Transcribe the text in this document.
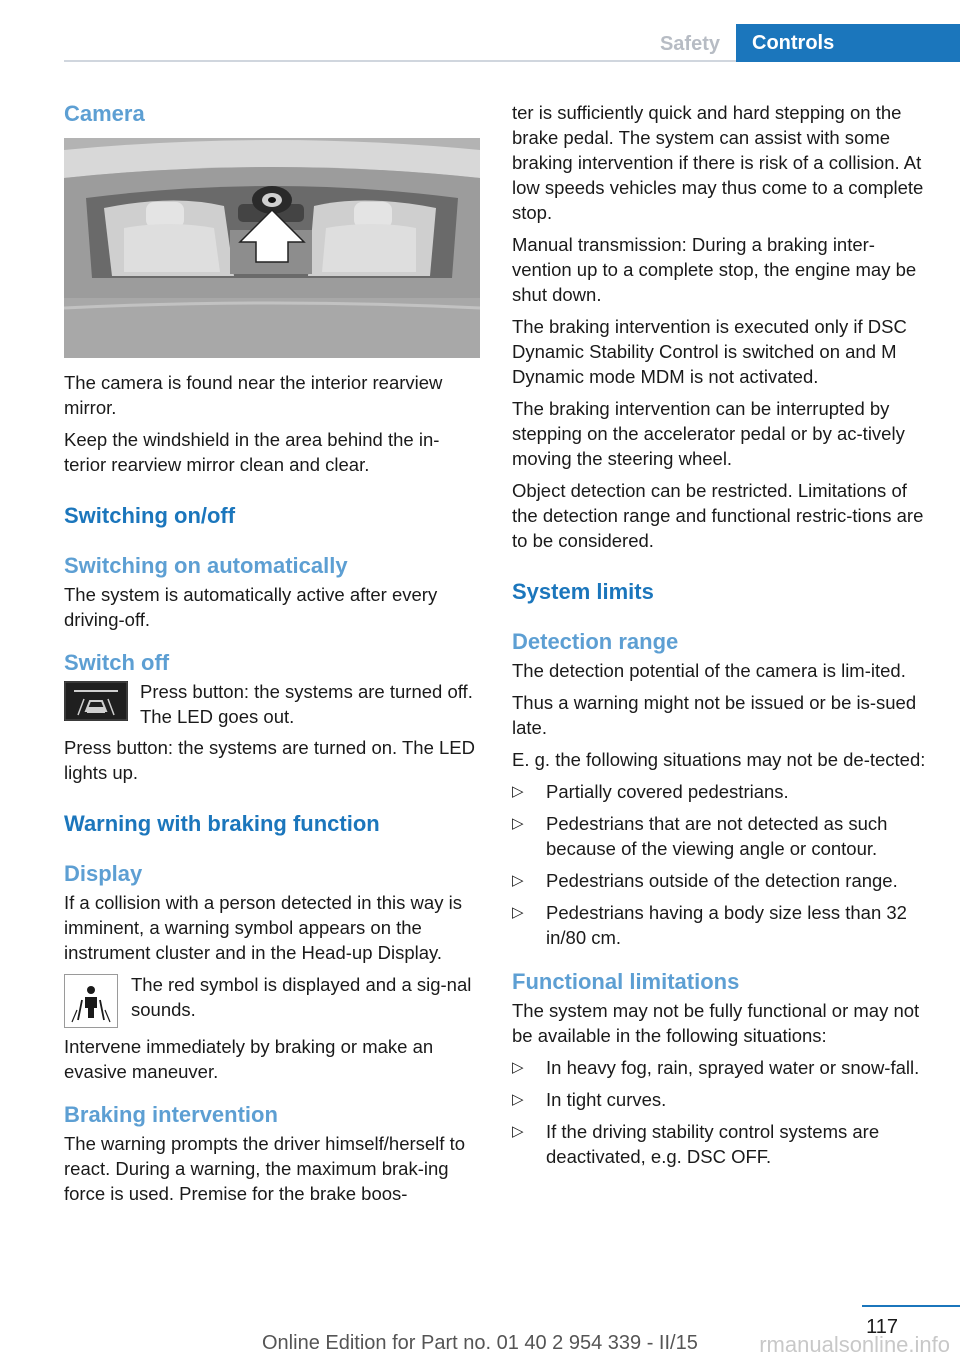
Safety	Controls
Camera

The camera is found near the interior rearview mirror.

Keep the windshield in the area behind the in‐terior rearview mirror clean and clear.

Switching on/off
Switching on automatically

The system is automatically active after every driving-off.

Switch off

Press button: the systems are turned off. The LED goes out.

Press button: the systems are turned on. The LED lights up.

Warning with braking function
Display

If a collision with a person detected in this way is imminent, a warning symbol appears on the instrument cluster and in the Head-up Display.

The red symbol is displayed and a sig‐nal sounds.

Intervene immediately by braking or make an evasive maneuver.

Braking intervention

The warning prompts the driver himself/herself to react. During a warning, the maximum brak‐ing force is used. Premise for the brake boos‐

ter is sufficiently quick and hard stepping on the brake pedal. The system can assist with some braking intervention if there is risk of a collision. At low speeds vehicles may thus come to a complete stop.

Manual transmission: During a braking inter‐vention up to a complete stop, the engine may be shut down.

The braking intervention is executed only if DSC Dynamic Stability Control is switched on and M Dynamic mode MDM is not activated.

The braking intervention can be interrupted by stepping on the accelerator pedal or by ac‐tively moving the steering wheel.

Object detection can be restricted. Limitations of the detection range and functional restric‐tions are to be considered.

System limits
Detection range

The detection potential of the camera is lim‐ited.

Thus a warning might not be issued or be is‐sued late.

E. g. the following situations may not be de‐tected:

▷ Partially covered pedestrians.
▷ Pedestrians that are not detected as such because of the viewing angle or contour.
▷ Pedestrians outside of the detection range.
▷ Pedestrians having a body size less than 32 in/80 cm.
Functional limitations

The system may not be fully functional or may not be available in the following situations:

▷ In heavy fog, rain, sprayed water or snow‐fall.
▷ In tight curves.
▷ If the driving stability control systems are deactivated, e.g. DSC OFF.
117
Online Edition for Part no. 01 40 2 954 339 - II/15	rmanualsonline.info
